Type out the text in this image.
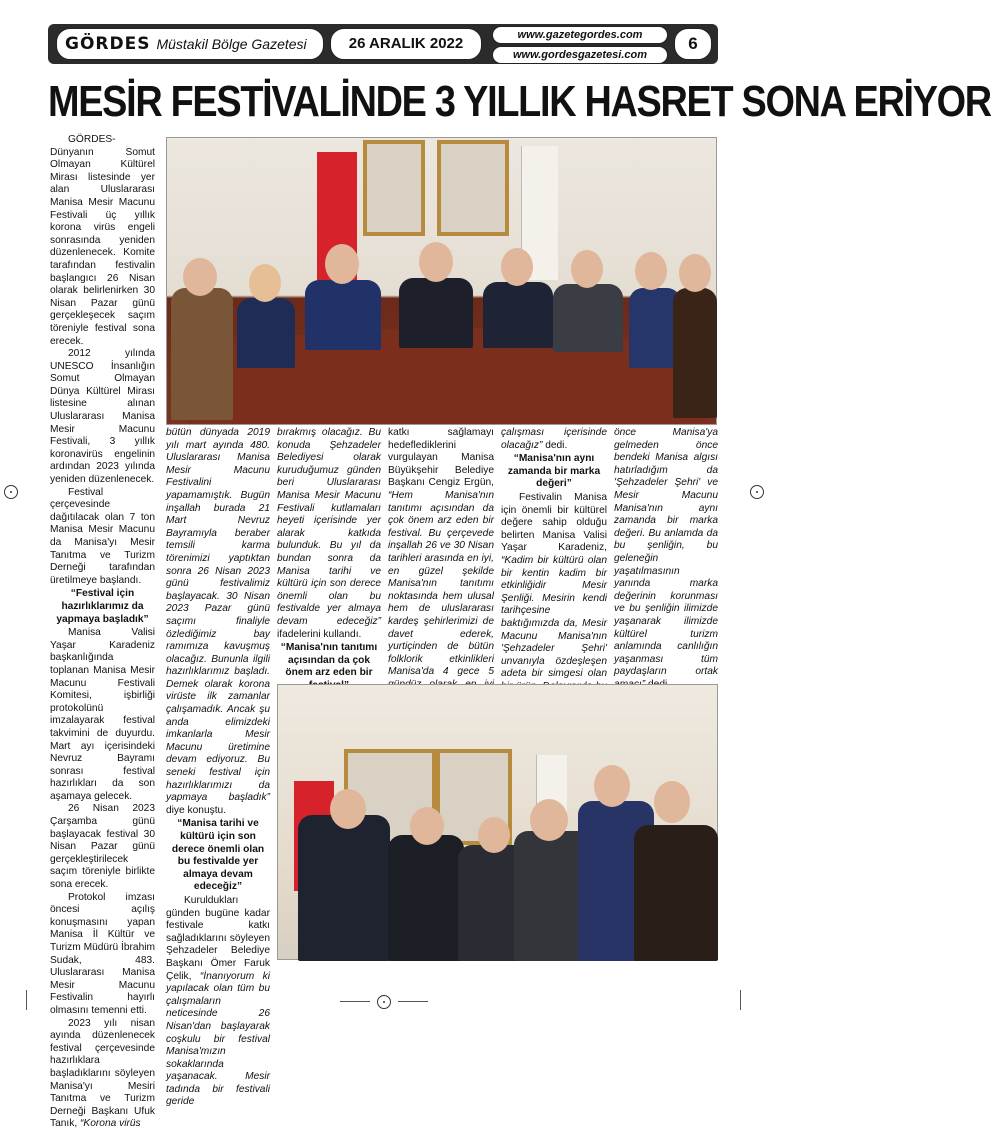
GÖRDES Müstakil Bölge Gazetesi	26 ARALIK 2022	www.gazetegordes.com
www.gordesgazetesi.com
6
MESİR FESTİVALİNDE 3 YILLIK HASRET SONA ERİYOR

GÖRDES- Dünyanın Somut Olmayan Kültürel Mirası listesinde yer alan Uluslararası Manisa Mesir Macunu Festivali üç yıllık korona virüs engeli sonrasında yeniden düzenlenecek. Komite tarafından festivalin başlangıcı 26 Nisan olarak belirlenirken 30 Nisan Pazar günü gerçekleşecek saçım töreniyle festival sona erecek.

2012 yılında UNESCO İnsanlığın Somut Olmayan Dünya Kültürel Mirası listesine alınan Uluslararası Manisa Mesir Macunu Festivali, 3 yıllık koronavirüs engelinin ardından 2023 yılında yeniden düzenlenecek.

Festival çerçevesinde dağıtılacak olan 7 ton Manisa Mesir Macunu da Manisa'yı Mesir Tanıtma ve Turizm Derneği tarafından üretilmeye başlandı.

“Festival için hazırlıklarımız da yapmaya başladık”

Manisa Valisi Yaşar Karadeniz başkanlığında toplanan Manisa Mesir Macunu Festivali Komitesi, işbirliği protokolünü imzalayarak festival takvimini de duyurdu. Mart ayı içerisindeki Nevruz Bayramı sonrası festival hazırlıkları da son aşamaya gelecek.

26 Nisan 2023 Çarşamba günü başlayacak festival 30 Nisan Pazar günü gerçekleştirilecek saçım töreniyle birlikte sona erecek.

Protokol imzası öncesi açılış konuşmasını yapan Manisa İl Kültür ve Turizm Müdürü İbrahim Sudak, 483. Uluslararası Manisa Mesir Macunu Festivalin hayırlı olmasını temenni etti.

2023 yılı nisan ayında düzenlenecek festival çerçevesinde hazırlıklara başladıklarını söyleyen Manisa'yı Mesiri Tanıtma ve Turizm Derneği Başkanı Ufuk Tanık, “Korona virüs

bütün dünyada 2019 yılı mart ayında 480. Uluslararası Manisa Mesir Macunu Festivalini yapamamıştık. Bugün inşallah burada 21 Mart Nevruz Bayramıyla beraber temsili karma törenimizi yaptıktan sonra 26 Nisan 2023 günü festivalimiz başlayacak. 30 Nisan 2023 Pazar günü saçımı finaliyle özlediğimiz bay ramımıza kavuşmuş olacağız. Bununla ilgili hazırlıklarımız başladı. Demek olarak korona virüste ilk zamanlar çalışamadık. Ancak şu anda elimizdeki imkanlarla Mesir Macunu üretimine devam ediyoruz. Bu seneki festival için hazırlıklarımızı da yapmaya başladık” diye konuştu.

“Manisa tarihi ve kültürü için son derece önemli olan bu festivalde yer almaya devam edeceğiz”

Kuruldukları günden bugüne kadar festivale katkı sağladıklarını söyleyen Şehzadeler Belediye Başkanı Ömer Faruk Çelik, “İnanıyorum ki yapılacak olan tüm bu çalışmaların neticesinde 26 Nisan'dan başlayarak coşkulu bir festival Manisa'mızın sokaklarında yaşanacak. Mesir tadında bir festivali geride

bırakmış olacağız. Bu konuda Şehzadeler Belediyesi olarak kuruduğumuz günden beri Uluslararası Manisa Mesir Macunu Festivali kutlamaları heyeti içerisinde yer alarak katkıda bulunduk. Bu yıl da bundan sonra da Manisa tarihi ve kültürü için son derece önemli olan bu festivalde yer almaya devam edeceğiz” ifadelerini kullandı.

“Manisa'nın tanıtımı açısından da çok önem arz eden bir

katkı sağlamayı hedeflediklerini vurgulayan Manisa Büyükşehir Belediye Başkanı Cengiz Ergün, “Hem Manisa'nın tanıtımı açısından da çok önem arz eden bir festival. Bu çerçevede inşallah 26 ve 30 Nisan tarihleri arasında en iyi, en güzel şekilde Manisa'nın tanıtımı noktasında hem ulusal hem de uluslararası kardeş şehirlerimizi de davet ederek, yurtiçinden de bütün folklorik etkinlikleri Manisa'da 4 gece 5

çalışması içerisinde olacağız” dedi.

“Manisa'nın aynı zamanda bir marka değeri”

Festivalin Manisa için önemli bir kültürel değere sahip olduğu belirten Manisa Valisi Yaşar Karadeniz, “Kadim bir kültürü olan bir kentin kadim bir etkinliğidir Mesir Şenliği. Mesirin kendi tarihçesine baktığımızda da, Mesir Macunu Manisa'nın 'Şehzadeler Şehri' unvanıyla özdeşleşen adeta bir simgesi olan

önce Manisa'ya gelmeden önce bendeki Manisa algısı hatırladığım da 'Şehzadeler Şehri' ve Mesir Macunu Manisa'nın aynı zamanda bir marka değeri. Bu anlamda da bu şenliğin, bu geleneğin yaşatılmasının yanında marka değerinin korunması ve bu şenliğin ilimizde yaşanarak ilimizde kültürel turizm anlamında canlılığın yaşanması tüm paydaşların ortak
